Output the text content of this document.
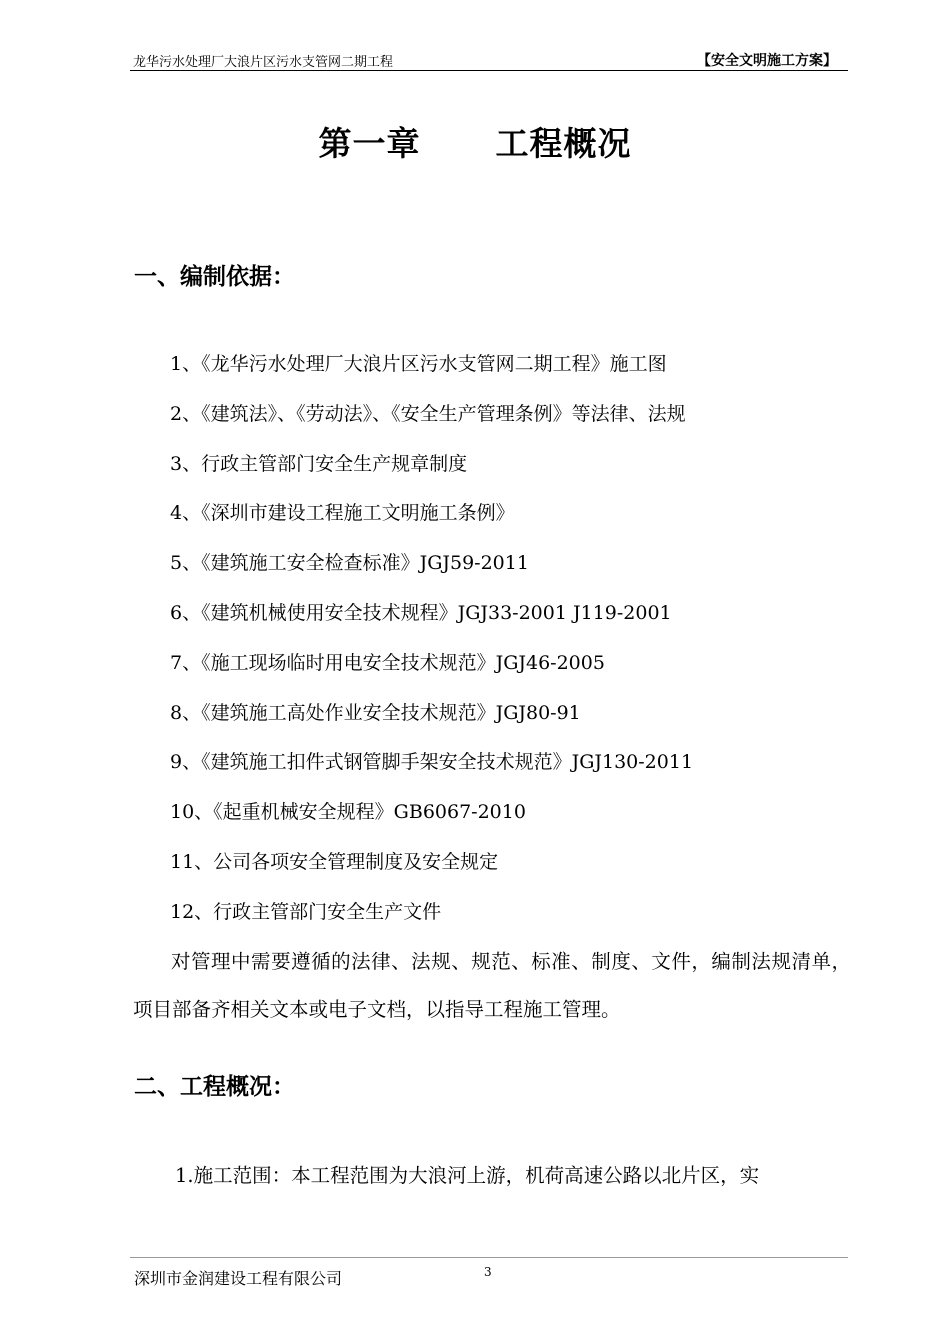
龙华污水处理厂大浪片区污水支管网二期工程	【安全文明施工方案】
第一章      工程概况
一、编制依据：
1、《龙华污水处理厂大浪片区污水支管网二期工程》施工图
2、《建筑法》、《劳动法》、《安全生产管理条例》等法律、法规
3、行政主管部门安全生产规章制度
4、《深圳市建设工程施工文明施工条例》
5、《建筑施工安全检查标准》JGJ59-2011
6、《建筑机械使用安全技术规程》JGJ33-2001 J119-2001
7、《施工现场临时用电安全技术规范》JGJ46-2005
8、《建筑施工高处作业安全技术规范》JGJ80-91
9、《建筑施工扣件式钢管脚手架安全技术规范》JGJ130-2011
10、《起重机械安全规程》GB6067-2010
11、公司各项安全管理制度及安全规定
12、行政主管部门安全生产文件
对管理中需要遵循的法律、法规、规范、标准、制度、文件，编制法规清单，项目部备齐相关文本或电子文档，以指导工程施工管理。
二、工程概况：
1.施工范围：本工程范围为大浪河上游，机荷高速公路以北片区，实
深圳市金润建设工程有限公司	3
